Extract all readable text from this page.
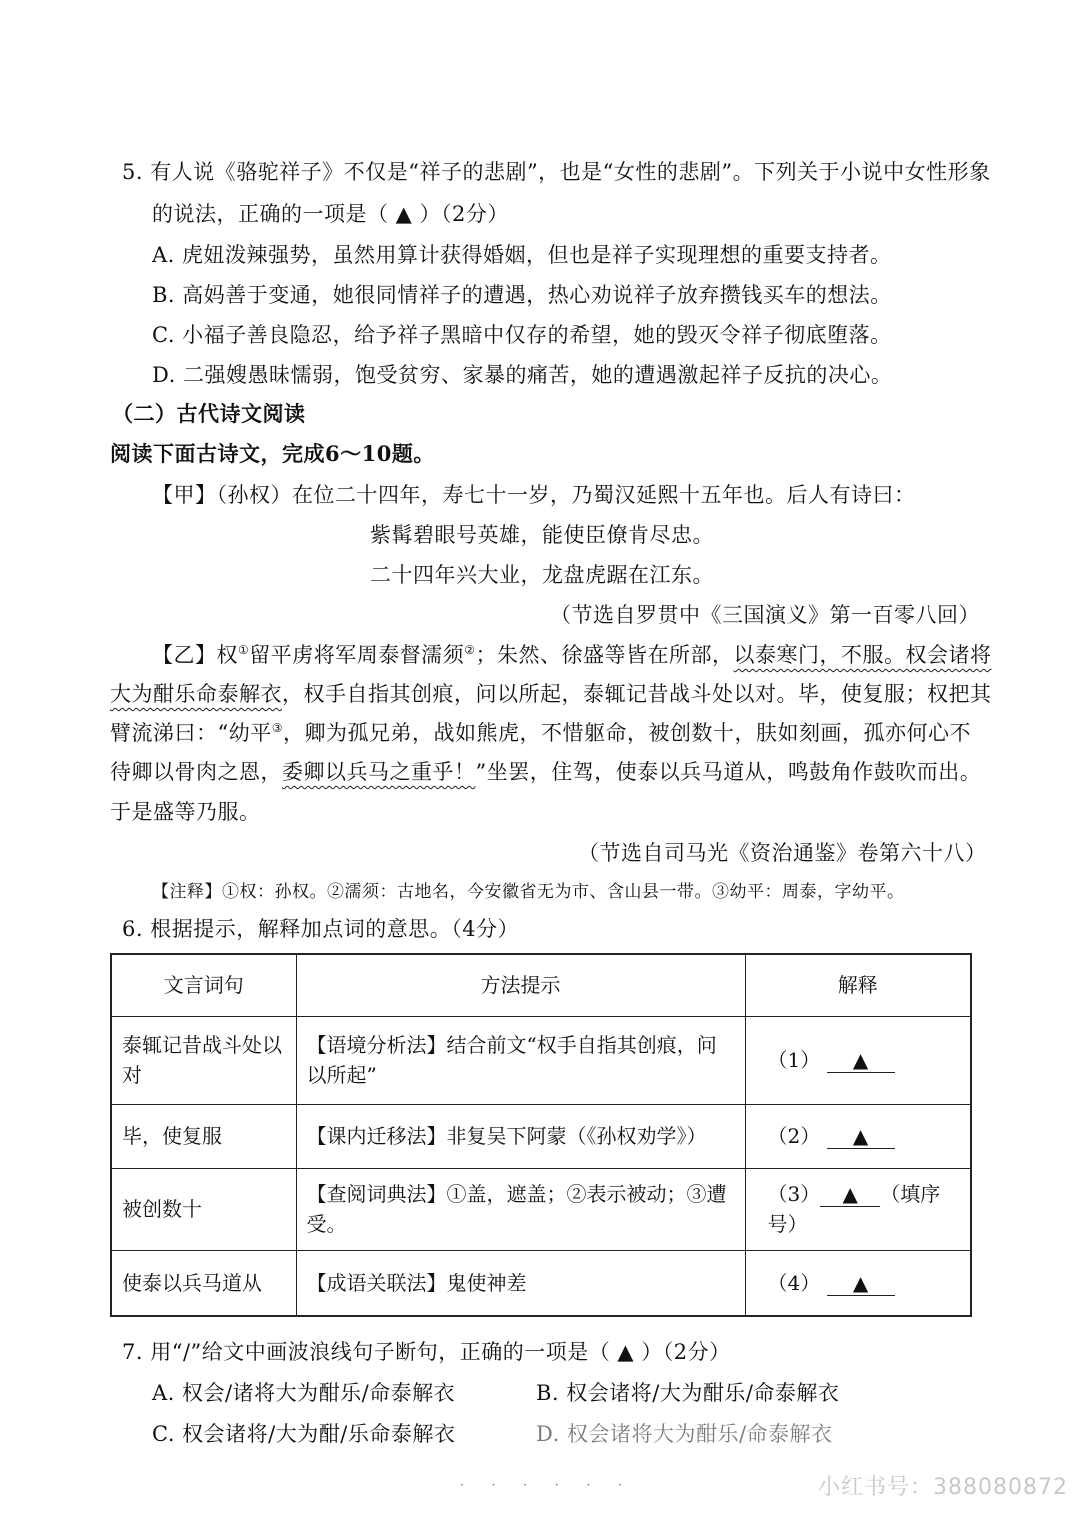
5. 有人说《骆驼祥子》不仅是“祥子的悲剧”，也是“女性的悲剧”。下列关于小说中女性形象
的说法，正确的一项是（ ▲ ）（2分）
A. 虎妞泼辣强势，虽然用算计获得婚姻，但也是祥子实现理想的重要支持者。
B. 高妈善于变通，她很同情祥子的遭遇，热心劝说祥子放弃攒钱买车的想法。
C. 小福子善良隐忍，给予祥子黑暗中仅存的希望，她的毁灭令祥子彻底堕落。
D. 二强嫂愚昧懦弱，饱受贫穷、家暴的痛苦，她的遭遇激起祥子反抗的决心。
（二）古代诗文阅读
阅读下面古诗文，完成6～10题。
【甲】（孙权）在位二十四年，寿七十一岁，乃蜀汉延熙十五年也。后人有诗曰：
紫髯碧眼号英雄，能使臣僚肯尽忠。
二十四年兴大业，龙盘虎踞在江东。
（节选自罗贯中《三国演义》第一百零八回）
【乙】权①留平虏将军周泰督濡须②；朱然、徐盛等皆在所部，以泰寒门，不服。权会诸将
大为酣乐命泰解衣，权手自指其创痕，问以所起，泰辄记昔战斗处以对。毕，使复服；权把其
臂流涕曰：“幼平③，卿为孤兄弟，战如熊虎，不惜躯命，被创数十，肤如刻画，孤亦何心不
待卿以骨肉之恩，委卿以兵马之重乎！”坐罢，住驾，使泰以兵马道从，鸣鼓角作鼓吹而出。
于是盛等乃服。
（节选自司马光《资治通鉴》卷第六十八）
【注释】①权：孙权。②濡须：古地名，今安徽省无为市、含山县一带。③幼平：周泰，字幼平。
6. 根据提示，解释加点词的意思。（4分）
文言词句	方法提示	解释
泰辄记昔战斗处以对	【语境分析法】结合前文“权手自指其创痕，问以所起”	（1） ▲
毕，使复服	【课内迁移法】非复吴下阿蒙（《孙权劝学》）	（2） ▲
被创数十	【查阅词典法】①盖，遮盖；②表示被动；③遭受。	（3） ▲ （填序号）
使泰以兵马道从	【成语关联法】鬼使神差	（4） ▲
7. 用“/”给文中画波浪线句子断句，正确的一项是（ ▲ ）（2分）
A. 权会/诸将大为酣乐/命泰解衣	B. 权会诸将/大为酣乐/命泰解衣
C. 权会诸将/大为酣/乐命泰解衣	D. 权会诸将大为酣乐/命泰解衣
· · · · · ·	小红书号：388080872
